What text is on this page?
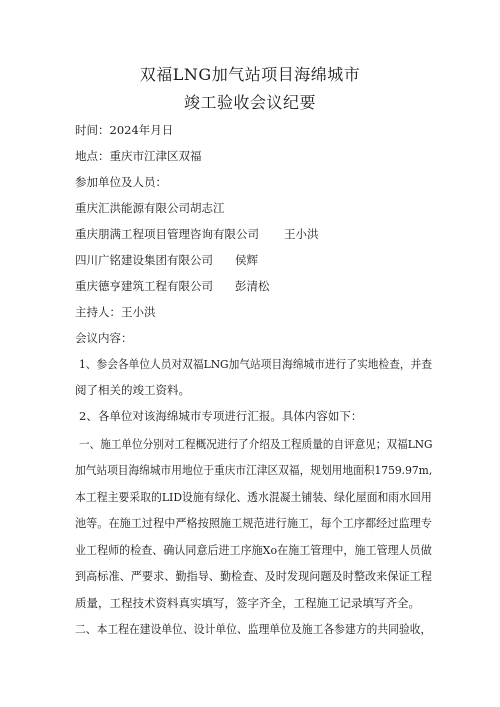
双福LNG加气站项目海绵城市
竣工验收会议纪要
时间：2024年月日
地点：重庆市江津区双福
参加单位及人员：
重庆汇洪能源有限公司胡志江
重庆朋满工程项目管理咨询有限公司 王小洪
四川广铭建设集团有限公司 侯辉
重庆德亨建筑工程有限公司 彭清松
主持人：王小洪
会议内容：
1、参会各单位人员对双福LNG加气站项目海绵城市进行了实地检查，并查
阅了相关的竣工资料。
2、各单位对该海绵城市专项进行汇报。具体内容如下：
一、施工单位分别对工程概况进行了介绍及工程质量的自评意见；双福LNG
加气站项目海绵城市用地位于重庆市江津区双福，规划用地面积1759.97m,
本工程主要采取的LID设施有绿化、透水混凝土铺装、绿化屋面和雨水回用
池等。在施工过程中严格按照施工规范进行施工，每个工序都经过监理专
业工程师的检查、确认同意后进工序施Xo在施工管理中，施工管理人员做
到高标准、严要求、勤指导、勤检查、及时发现问题及时整改来保证工程
质量，工程技术资料真实填写，签字齐全，工程施工记录填写齐全。
二、本工程在建设单位、设计单位、监理单位及施工各参建方的共同验收，
